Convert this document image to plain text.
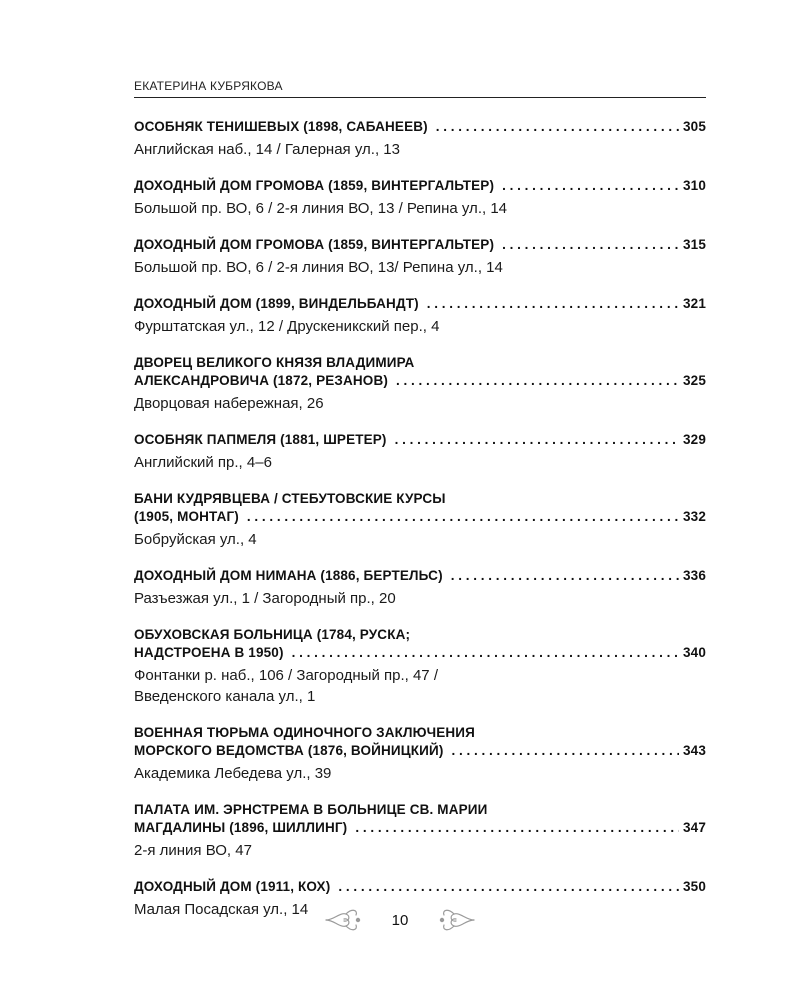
ЕКАТЕРИНА КУБРЯКОВА
ОСОБНЯК ТЕНИШЕВЫХ (1898, САБАНЕЕВ) . . .	305
Английская наб., 14 / Галерная ул., 13
ДОХОДНЫЙ ДОМ ГРОМОВА (1859, ВИНТЕРГАЛЬТЕР) . . .	310
Большой пр. ВО, 6 / 2-я линия ВО, 13 / Репина ул., 14
ДОХОДНЫЙ ДОМ ГРОМОВА (1859, ВИНТЕРГАЛЬТЕР) . . .	315
Большой пр. ВО, 6 / 2-я линия ВО, 13/ Репина ул., 14
ДОХОДНЫЙ ДОМ (1899, ВИНДЕЛЬБАНДТ) . . .	321
Фурштатская ул., 12 / Друскеникский пер., 4
ДВОРЕЦ ВЕЛИКОГО КНЯЗЯ ВЛАДИМИРА
АЛЕКСАНДРОВИЧА (1872, РЕЗАНОВ) . . .	325
Дворцовая набережная, 26
ОСОБНЯК ПАПМЕЛЯ (1881, ШРЕТЕР) . . .	329
Английский пр., 4–6
БАНИ КУДРЯВЦЕВА / СТЕБУТОВСКИЕ КУРСЫ
(1905, МОНТАГ) . . .	332
Бобруйская ул., 4
ДОХОДНЫЙ ДОМ НИМАНА (1886, БЕРТЕЛЬС) . . .	336
Разъезжая ул., 1 / Загородный пр., 20
ОБУХОВСКАЯ БОЛЬНИЦА (1784, РУСКА;
НАДСТРОЕНА В 1950) . . .	340
Фонтанки р. наб., 106 / Загородный пр., 47 /
Введенского канала ул., 1
ВОЕННАЯ ТЮРЬМА ОДИНОЧНОГО ЗАКЛЮЧЕНИЯ
МОРСКОГО ВЕДОМСТВА (1876, ВОЙНИЦКИЙ) . . .	343
Академика Лебедева ул., 39
ПАЛАТА ИМ. ЭРНСТРЕМА В БОЛЬНИЦЕ СВ. МАРИИ
МАГДАЛИНЫ (1896, ШИЛЛИНГ) . . .	347
2-я линия ВО, 47
ДОХОДНЫЙ ДОМ (1911, КОХ) . . .	350
Малая Посадская ул., 14
10
